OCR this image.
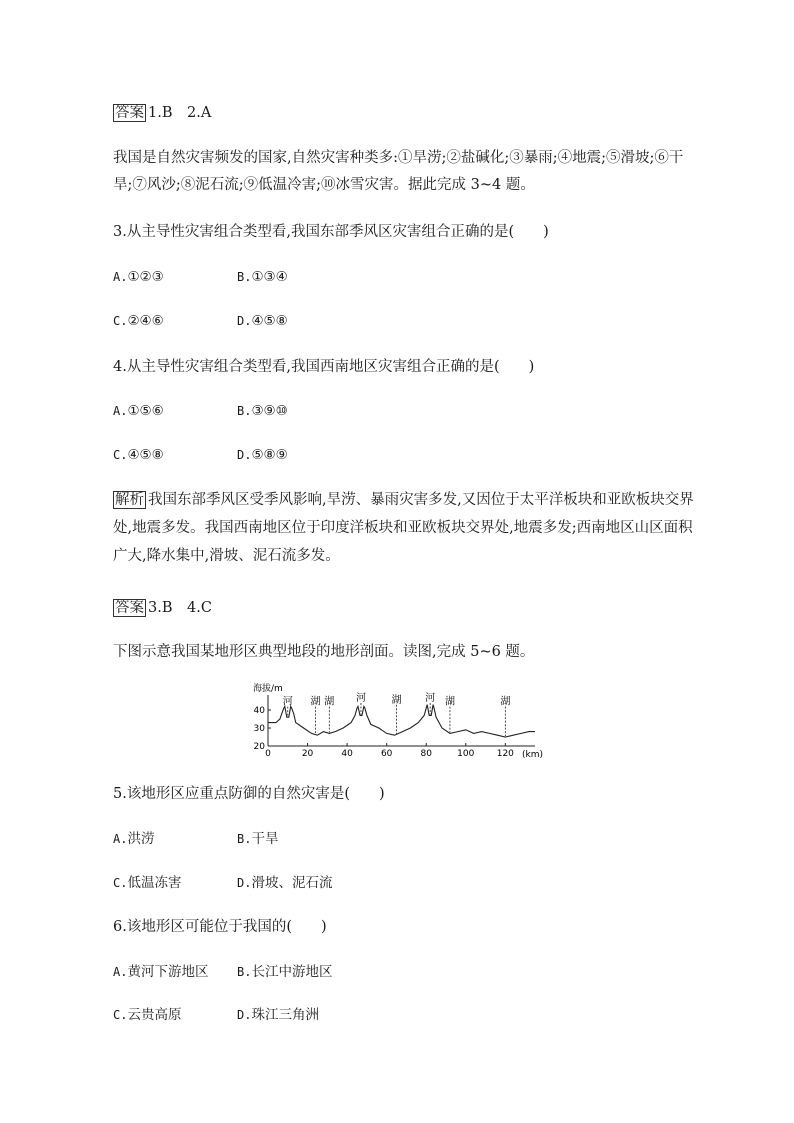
答案 1.B　2.A
我国是自然灾害频发的国家,自然灾害种类多:①旱涝;②盐碱化;③暴雨;④地震;⑤滑坡;⑥干
旱;⑦风沙;⑧泥石流;⑨低温冷害;⑩冰雪灾害。据此完成 3~4 题。
3.从主导性灾害组合类型看,我国东部季风区灾害组合正确的是(　　)
A.①②③	B.①③④
C.②④⑥	D.④⑤⑧
4.从主导性灾害组合类型看,我国西南地区灾害组合正确的是(　　)
A.①⑤⑥	B.③⑨⑩
C.④⑤⑧	D.⑤⑧⑨
解析 我国东部季风区受季风影响,旱涝、暴雨灾害多发,又因位于太平洋板块和亚欧板块交界
处,地震多发。我国西南地区位于印度洋板块和亚欧板块交界处,地震多发;西南地区山区面积
广大,降水集中,滑坡、泥石流多发。
答案 3.B　4.C
下图示意我国某地形区典型地段的地形剖面。读图,完成 5~6 题。
海拔/m
20
30
40
0	20	40	60	80	100 120
河 湖 湖 河	湖 河 湖	湖
(km)
5.该地形区应重点防御的自然灾害是(　　)
A.洪涝	B.干旱
C.低温冻害	D.滑坡、泥石流
6.该地形区可能位于我国的(　　)
A.黄河下游地区 B.长江中游地区
C.云贵高原	D.珠江三角洲
